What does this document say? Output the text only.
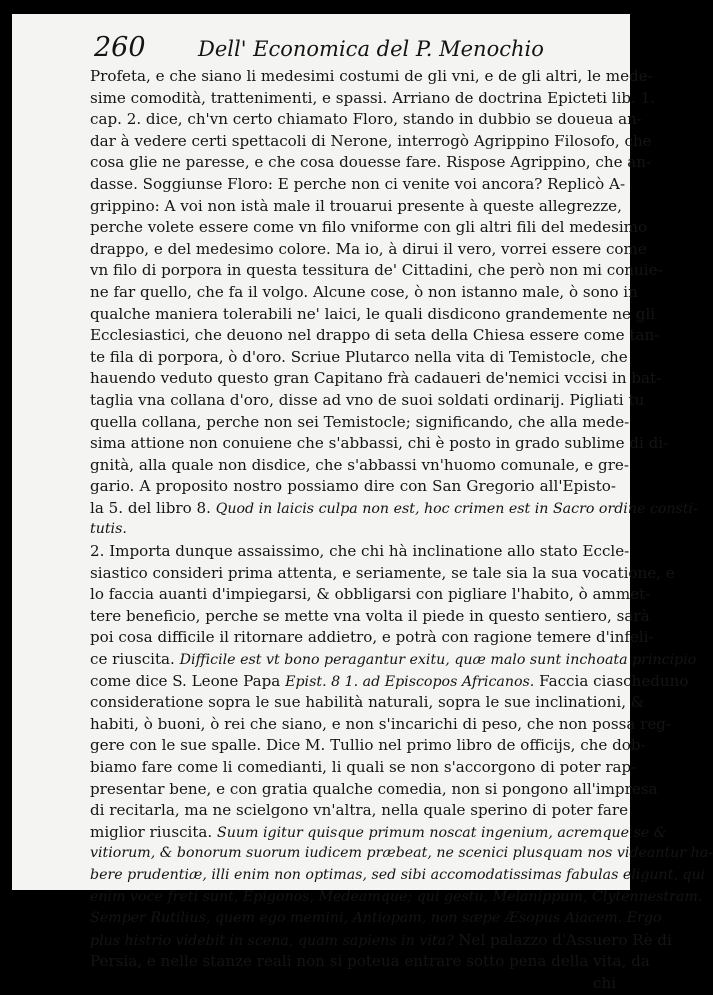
260 Dell' Economica del P. Menochio
Profeta, e che siano li medesimi costumi de gli vni, e de gli altri, le mede-
sime comodità, trattenimenti, e spassi. Arriano de doctrina Epicteti lib. 1.
cap. 2. dice, ch'vn certo chiamato Floro, stando in dubbio se doueua an-
dar à vedere certi spettacoli di Nerone, interrogò Agrippino Filosofo, che
cosa glie ne paresse, e che cosa douesse fare. Rispose Agrippino, che an-
dasse. Soggiunse Floro: E perche non ci venite voi ancora? Replicò A-
grippino: A voi non istà male il trouarui presente à queste allegrezze,
perche volete essere come vn filo vniforme con gli altri fili del medesimo
drappo, e del medesimo colore. Ma io, à dirui il vero, vorrei essere come
vn filo di porpora in questa tessitura de' Cittadini, che però non mi conuie-
ne far quello, che fa il volgo. Alcune cose, ò non istanno male, ò sono in
qualche maniera tolerabili ne' laici, le quali disdicono grandemente ne gli
Ecclesiastici, che deuono nel drappo di seta della Chiesa essere come tan-
te fila di porpora, ò d'oro. Scriue Plutarco nella vita di Temistocle, che
hauendo veduto questo gran Capitano frà cadaueri de'nemici vccisi in bat-
taglia vna collana d'oro, disse ad vno de suoi soldati ordinarij. Pigliati tu
quella collana, perche non sei Temistocle; significando, che alla mede-
sima attione non conuiene che s'abbassi, chi è posto in grado sublime di di-
gnità, alla quale non disdice, che s'abbassi vn'huomo comunale, e gre-
gario. A proposito nostro possiamo dire con San Gregorio all'Episto-
la 5. del libro 8. Quod in laicis culpa non est, hoc crimen est in Sacro ordine consti-
tutis.
2. Importa dunque assaissimo, che chi hà inclinatione allo stato Eccle-
siastico consideri prima attenta, e seriamente, se tale sia la sua vocatione, e
lo faccia auanti d'impiegarsi, & obbligarsi con pigliare l'habito, ò ammet-
tere beneficio, perche se mette vna volta il piede in questo sentiero, sarà
poi cosa difficile il ritornare addietro, e potrà con ragione temere d'infeli-
ce riuscita. Difficile est vt bono peragantur exitu, quæ malo sunt inchoata principio
come dice S. Leone Papa Epist. 8 1. ad Episcopos Africanos. Faccia ciascheduno
consideratione sopra le sue habilità naturali, sopra le sue inclinationi, &
habiti, ò buoni, ò rei che siano, e non s'incarichi di peso, che non possa reg-
gere con le sue spalle. Dice M. Tullio nel primo libro de officijs, che dob-
biamo fare come li comedianti, li quali se non s'accorgono di poter rap-
presentar bene, e con gratia qualche comedia, non si pongono all'impresa
di recitarla, ma ne scielgono vn'altra, nella quale sperino di poter fare
miglior riuscita. Suum igitur quisque primum noscat ingenium, acremque se &
vitiorum, & bonorum suorum iudicem præbeat, ne scenici plusquam nos videantur ha-
bere prudentiæ, illi enim non optimas, sed sibi accomodatissimas fabulas eligunt, qui
enim voce freti sunt, Epigonos, Medeamque; qui gestu, Melanippum, Clytennestram.
Semper Rutilius, quem ego memini, Antiopam, non sæpe Æsopus Aiacem. Ergo
plus histrio videbit in scena, quam sapiens in vita? Nel palazzo d'Assuero Rè di
Persia, e nelle stanze reali non si poteua entrare sotto pena della vita, da
chi
